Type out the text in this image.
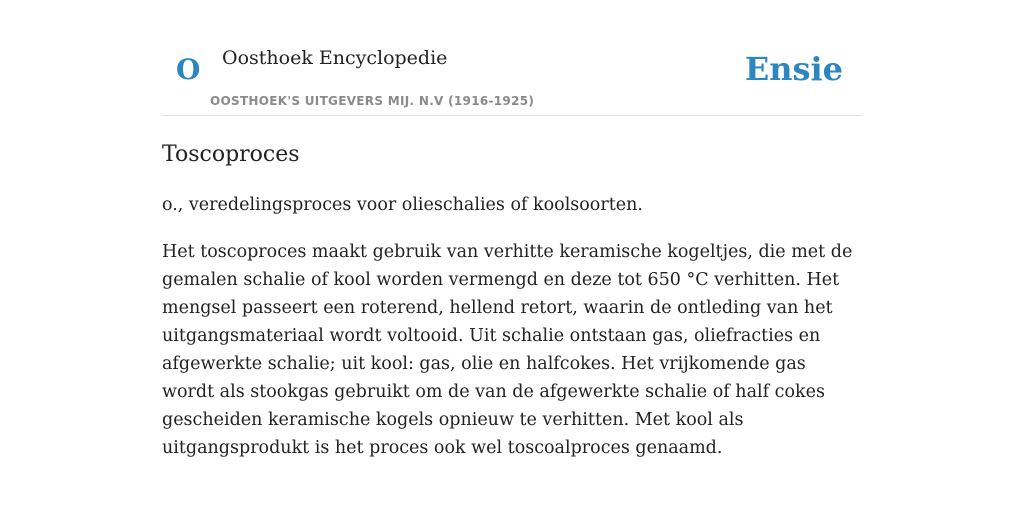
O Oosthoek Encyclopedie
OOSTHOEK'S UITGEVERS MIJ. N.V (1916-1925)
Ensie
Toscoproces

o., veredelingsproces voor olieschalies of koolsoorten.

Het toscoproces maakt gebruik van verhitte keramische kogeltjes, die met de gemalen schalie of kool worden vermengd en deze tot 650 °C verhitten. Het mengsel passeert een roterend, hellend retort, waarin de ontleding van het uitgangsmateriaal wordt voltooid. Uit schalie ontstaan gas, oliefracties en afgewerkte schalie; uit kool: gas, olie en halfcokes. Het vrijkomende gas wordt als stookgas gebruikt om de van de afgewerkte schalie of half cokes gescheiden keramische kogels opnieuw te verhitten. Met kool als uitgangsprodukt is het proces ook wel toscoalproces genaamd.
